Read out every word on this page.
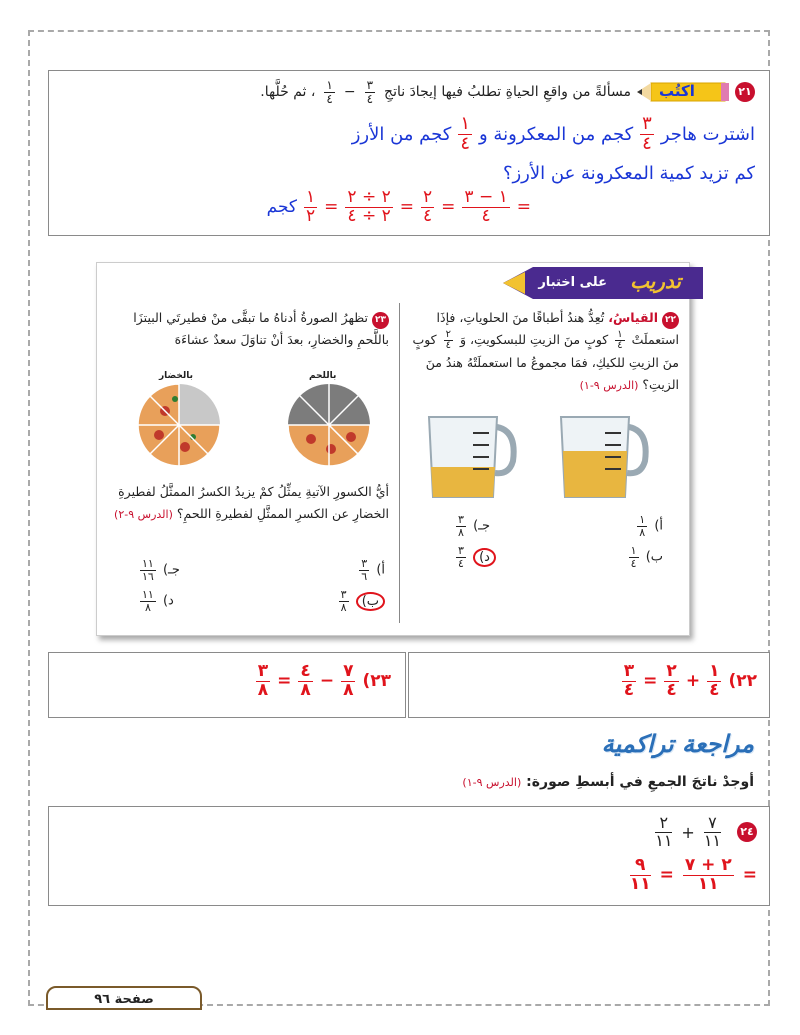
٢١
اكتُب
مسألةً من واقعِ الحياةِ تطلبُ فيها إيجادَ ناتجِ
$\frac{٣}{٤}$
−
$\frac{١}{٤}$
، ثم حُلَّها.
اشترت هاجر
$\frac{٣}{٤}$
كجم من المعكرونة و
$\frac{١}{٤}$
كجم من الأرز
كم تزيد كمية المعكرونة عن الأرز؟
=
$\frac{١ - ٣}{٤}$
=
$\frac{٢}{٤}$
=
$\frac{٢ \div ٢}{٢ \div ٤}$
=
$\frac{١}{٢}$
كجم
تدريب
على اختبار
٢٢ القياسُ، تُعِدُّ هندُ أطباقًا منَ الحلوياتِ، فإذَا استعملَتْ
$\frac{١}{٤}$
كوبٍ منَ الزيتِ للبسكويتِ، وَ
$\frac{٢}{٤}$
كوبٍ منَ الزيتِ للكيكِ، فمَا مجموعُ ما استعملَتْهُ هندُ منَ الزيتِ؟ (الدرس ٩-١)
أ)
$\frac{١}{٨}$
جـ)
$\frac{٣}{٨}$
ب)
$\frac{١}{٤}$
د)
$\frac{٣}{٤}$
٢٣ تظهرُ الصورةُ أدناهُ ما تبقَّى منْ فطيرتَي البيتزَا باللَّحمِ والخضارِ، بعدَ أنْ تناوَلَ سعدٌ عشاءَهَ
باللحم
بالخضار
أيُّ الكسورِ الآتيةِ يمثِّلُ كمْ يزيدُ الكسرُ الممثَّلُ لفطيرةِ الخضارِ عن الكسرِ الممثَّلِ لفطيرةِ اللحمِ؟ (الدرس ٩-٢)
أ)
$\frac{٣}{٦}$
جـ)
$\frac{١١}{١٦}$
ب)
$\frac{٣}{٨}$
د)
$\frac{١١}{٨}$
٢٢)
$\frac{١}{٤}$
+
$\frac{٢}{٤}$
=
$\frac{٣}{٤}$
٢٣)
$\frac{٧}{٨}$
−
$\frac{٤}{٨}$
=
$\frac{٣}{٨}$
مراجعة تراكمية
أوجدْ ناتجَ الجمعِ في أبسطِ صورة: (الدرس ٩-١)
٢٤
$\frac{٧}{١١}$
+
$\frac{٢}{١١}$
=
$\frac{٢ + ٧}{١١}$
=
$\frac{٩}{١١}$
صفحة ٩٦
